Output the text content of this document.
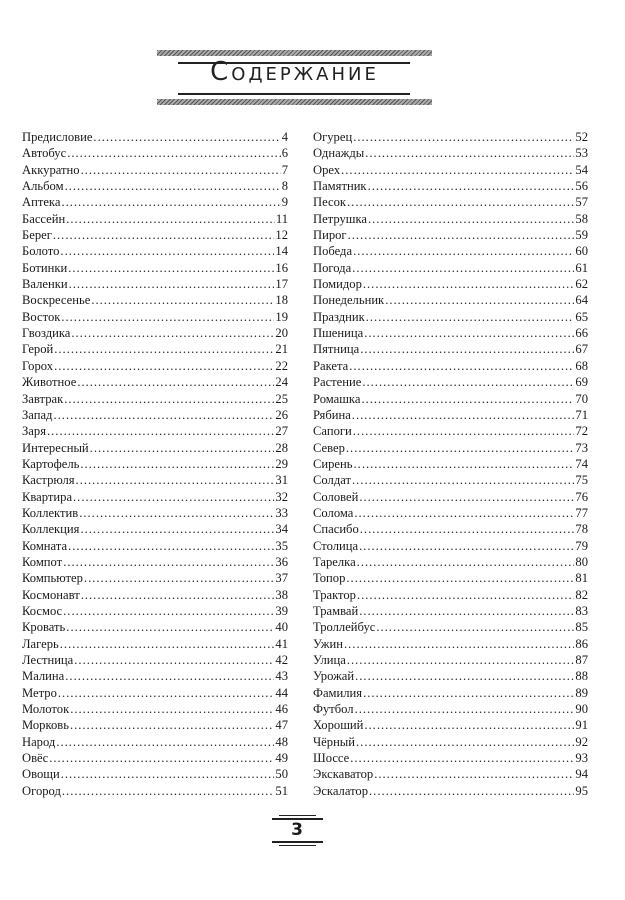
Содержание
Предисловие .....	4
Автобус .....	6
Аккуратно .....	7
Альбом .....	8
Аптека .....	9
Бассейн .....	11
Берег .....	12
Болото .....	14
Ботинки .....	16
Валенки .....	17
Воскресенье .....	18
Восток .....	19
Гвоздика .....	20
Герой .....	21
Горох .....	22
Животное .....	24
Завтрак .....	25
Запад .....	26
Заря .....	27
Интересный .....	28
Картофель .....	29
Кастрюля .....	31
Квартира .....	32
Коллектив .....	33
Коллекция .....	34
Комната .....	35
Компот .....	36
Компьютер .....	37
Космонавт .....	38
Космос .....	39
Кровать .....	40
Лагерь .....	41
Лестница .....	42
Малина .....	43
Метро .....	44
Молоток .....	46
Морковь .....	47
Народ .....	48
Овёс .....	49
Овощи .....	50
Огород .....	51
Огурец .....	52
Однажды .....	53
Орех .....	54
Памятник .....	56
Песок .....	57
Петрушка .....	58
Пирог .....	59
Победа .....	60
Погода .....	61
Помидор .....	62
Понедельник .....	64
Праздник .....	65
Пшеница .....	66
Пятница .....	67
Ракета .....	68
Растение .....	69
Ромашка .....	70
Рябина .....	71
Сапоги .....	72
Север .....	73
Сирень .....	74
Солдат .....	75
Соловей .....	76
Солома .....	77
Спасибо .....	78
Столица .....	79
Тарелка .....	80
Топор .....	81
Трактор .....	82
Трамвай .....	83
Троллейбус .....	85
Ужин .....	86
Улица .....	87
Урожай .....	88
Фамилия .....	89
Футбол .....	90
Хороший .....	91
Чёрный .....	92
Шоссе .....	93
Экскаватор .....	94
Эскалатор .....	95
3
